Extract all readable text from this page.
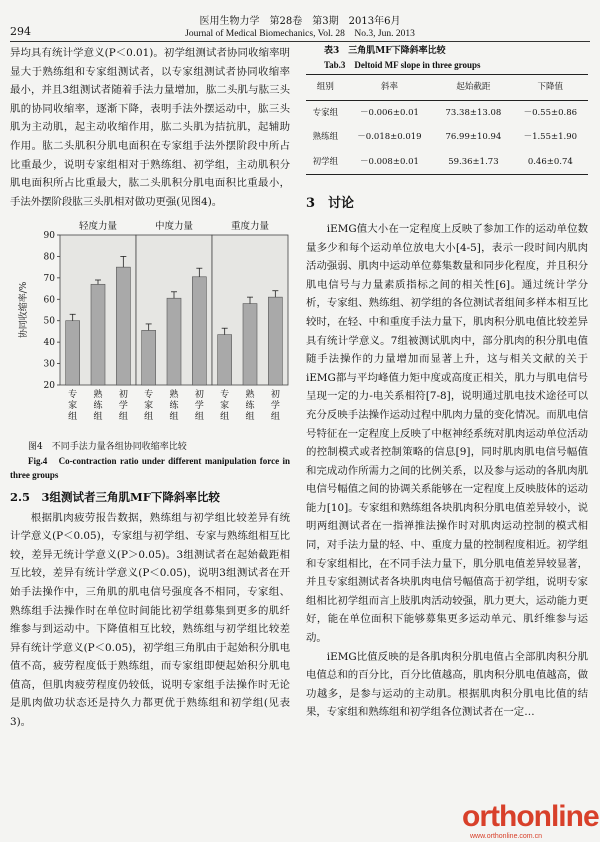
医用生物力学　第28卷　第3期　2013年6月
294	Journal of Medical Biomechanics, Vol. 28　No.3, Jun. 2013

异均具有统计学意义(P＜0.01)。初学组测试者协同收缩率明显大于熟练组和专家组测试者，以专家组测试者协同收缩率最小，并且3组测试者随着手法力量增加，肱二头肌与肱三头肌的协同收缩率，逐渐下降，表明手法外摆运动中，肱三头肌为主动肌，起主动收缩作用，肱二头肌为拮抗肌，起辅助作用。肱二头肌积分肌电面积在专家组手法外摆阶段中所占比重最少，说明专家组相对于熟练组、初学组，主动肌积分肌电面积所占比重最大，肱二头肌积分肌电面积比重最小，手法外摆阶段肱三头肌相对做功更强(见图4)。

轻度力量	中度力量	重度力量
20
30
40
50
60
70
80
90
协同收缩率/%
专家组
熟练组
初学组
专家组
熟练组
初学组
专家组
熟练组
初学组

图4　不同手法力量各组协同收缩率比较

Fig.4　Co-contraction ratio under different manipulation force in three groups

2.5　3组测试者三角肌MF下降斜率比较

根据肌肉疲劳报告数据，熟练组与初学组比较差异有统计学意义(P＜0.05)，专家组与初学组、专家与熟练组相互比较，差异无统计学意义(P＞0.05)。3组测试者在起始截距相互比较，差异有统计学意义(P＜0.05)，说明3组测试者在开始手法操作中，三角肌的肌电信号强度各不相同，专家组、熟练组手法操作时在单位时间能比初学组募集到更多的肌纤维参与到运动中。下降值相互比较，熟练组与初学组比较差异有统计学意义(P＜0.05)，初学组三角肌由于起始积分肌电值不高，疲劳程度低于熟练组，而专家组即便起始积分肌电值高，但肌肉疲劳程度仍较低，说明专家组手法操作时无论是肌肉做功状态还是持久力都更优于熟练组和初学组(见表3)。

表3　三角肌MF下降斜率比较

Tab.3　Deltoid MF slope in three groups

组别	斜率	起始截距	下降值
专家组	－0.006±0.01	73.38±13.08	－0.55±0.86
熟练组	－0.018±0.019	76.99±10.94	－1.55±1.90
初学组	－0.008±0.01	59.36±1.73	0.46±0.74
3　讨论

iEMG值大小在一定程度上反映了参加工作的运动单位数量多少和每个运动单位放电大小[4-5]，表示一段时间内肌肉活动强弱、肌肉中运动单位募集数量和同步化程度，并且积分肌电信号与力量素质指标之间的相关性[6]。通过统计学分析，专家组、熟练组、初学组的各位测试者组间多样本相互比较时，在轻、中和重度手法力量下，肌肉积分肌电值比较差异具有统计学意义。7组被测试肌肉中，部分肌肉的积分肌电值随手法操作的力量增加而显著上升，这与相关文献的关于iEMG都与平均峰值力矩中度或高度正相关，肌力与肌电信号呈现一定的力-电关系相符[7-8]，说明通过肌电技术途径可以充分反映手法操作运动过程中肌肉力量的变化情况。而肌电信号特征在一定程度上反映了中枢神经系统对肌肉运动单位活动的控制模式或者控制策略的信息[9]，同时肌肉肌电信号幅值和完成动作所需力之间的比例关系，以及参与运动的各肌肉肌电信号幅值之间的协调关系能够在一定程度上反映肢体的运动能力[10]。专家组和熟练组各块肌肉积分肌电值差异较小，说明两组测试者在一指禅推法操作时对肌肉运动控制的模式相同，对手法力量的轻、中、重度力量的控制程度相近。初学组和专家组相比，在不同手法力量下，肌分肌电值差异较显著，并且专家组测试者各块肌肉电信号幅值高于初学组，说明专家组相比初学组而言上肢肌肉活动较强，肌力更大，运动能力更好，能在单位面积下能够募集更多运动单元、肌纤维参与运动。

iEMG比值反映的是各肌肉积分肌电值占全部肌肉积分肌电值总和的百分比，百分比值越高，肌肉积分肌电值越高，做功越多，是参与运动的主动肌。根据肌肉积分肌电比值的结果，专家组和熟练组和初学组各位测试者在一定…

orthonline
www.orthonline.com.cn
